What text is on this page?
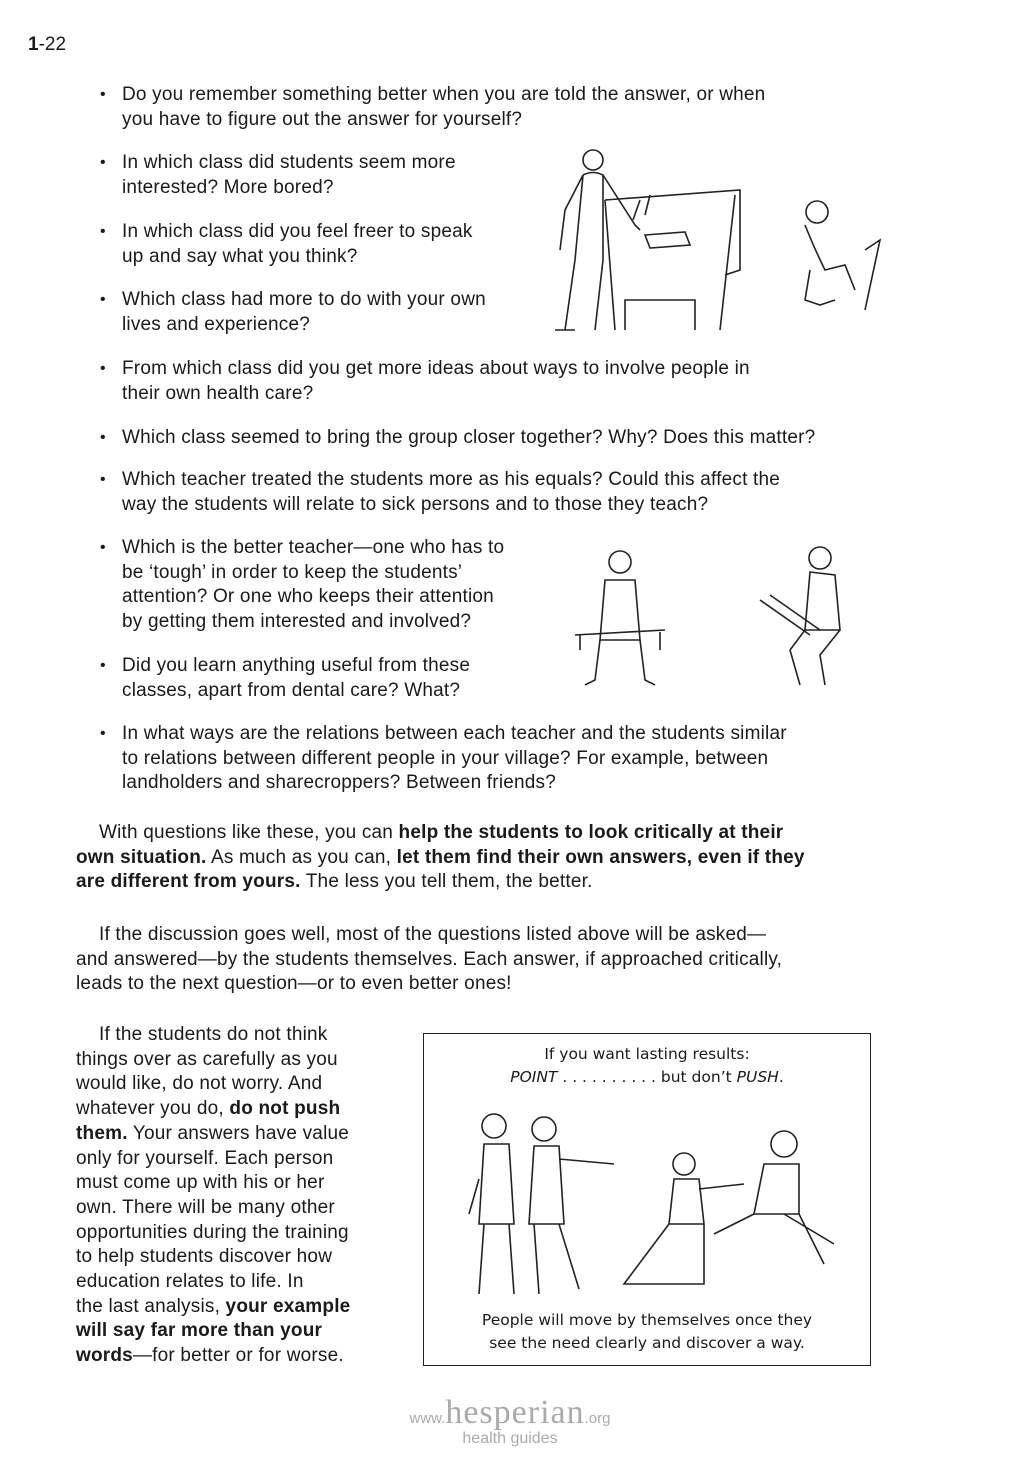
1-22
• Do you remember something better when you are told the answer, or when
you have to figure out the answer for yourself?
• In which class did students seem more
interested? More bored?
• In which class did you feel freer to speak
up and say what you think?
• Which class had more to do with your own
lives and experience?
• From which class did you get more ideas about ways to involve people in
their own health care?
• Which class seemed to bring the group closer together? Why? Does this matter?
• Which teacher treated the students more as his equals? Could this affect the
way the students will relate to sick persons and to those they teach?
• Which is the better teacher—one who has to
be ‘tough’ in order to keep the students’
attention? Or one who keeps their attention
by getting them interested and involved?
• Did you learn anything useful from these
classes, apart from dental care? What?
• In what ways are the relations between each teacher and the students similar
to relations between different people in your village? For example, between
landholders and sharecroppers? Between friends?
With questions like these, you can help the students to look critically at their
own situation. As much as you can, let them find their own answers, even if they
are different from yours. The less you tell them, the better.
If the discussion goes well, most of the questions listed above will be asked—
and answered—by the students themselves. Each answer, if approached critically,
leads to the next question—or to even better ones!
If the students do not think
things over as carefully as you
would like, do not worry. And
whatever you do, do not push
them. Your answers have value
only for yourself. Each person
must come up with his or her
own. There will be many other
opportunities during the training
to help students discover how
education relates to life. In
the last analysis, your example
will say far more than your
words—for better or for worse.
If you want lasting results:
POINT . . . . . . . . . . but don’t PUSH.
People will move by themselves once they
see the need clearly and discover a way.
www.hesperian.org
health guides
